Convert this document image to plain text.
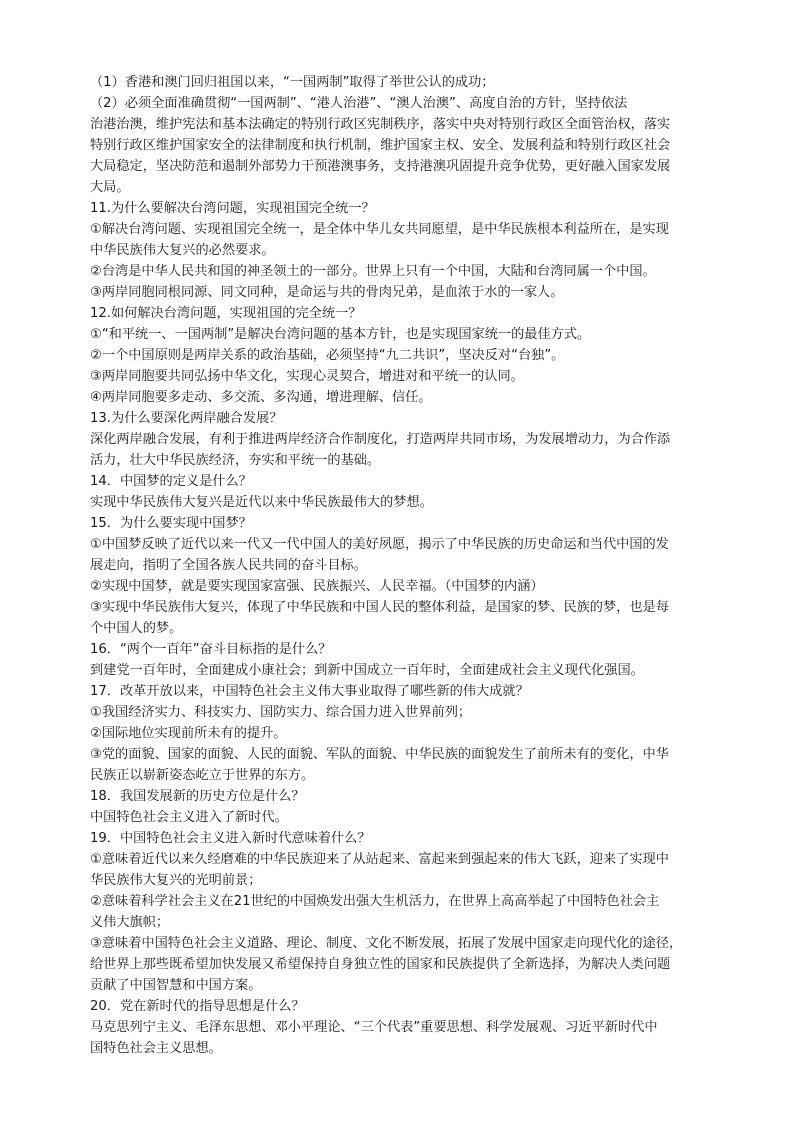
（1）香港和澳门回归祖国以来，“一国两制”取得了举世公认的成功；

（2）必须全面准确贯彻“一国两制”、“港人治港”、“澳人治澳”、高度自治的方针，坚持依法

治港治澳，维护宪法和基本法确定的特别行政区宪制秩序，落实中央对特别行政区全面管治权，落实

特别行政区维护国家安全的法律制度和执行机制，维护国家主权、安全、发展利益和特别行政区社会

大局稳定，坚决防范和遏制外部势力干预港澳事务，支持港澳巩固提升竞争优势，更好融入国家发展

大局。

11.为什么要解决台湾问题，实现祖国完全统一？

①解决台湾问题、实现祖国完全统一，是全体中华儿女共同愿望，是中华民族根本利益所在，是实现

中华民族伟大复兴的必然要求。

②台湾是中华人民共和国的神圣领土的一部分。世界上只有一个中国，大陆和台湾同属一个中国。

③两岸同胞同根同源、同文同种，是命运与共的骨肉兄弟，是血浓于水的一家人。

12.如何解决台湾问题，实现祖国的完全统一？

①“和平统一、一国两制”是解决台湾问题的基本方针，也是实现国家统一的最佳方式。

②一个中国原则是两岸关系的政治基础，必须坚持“九二共识”，坚决反对“台独”。

③两岸同胞要共同弘扬中华文化，实现心灵契合，增进对和平统一的认同。

④两岸同胞要多走动、多交流、多沟通，增进理解、信任。

13.为什么要深化两岸融合发展？

深化两岸融合发展，有利于推进两岸经济合作制度化，打造两岸共同市场，为发展增动力，为合作添

活力，壮大中华民族经济，夯实和平统一的基础。

14．中国梦的定义是什么？

实现中华民族伟大复兴是近代以来中华民族最伟大的梦想。

15．为什么要实现中国梦？

①中国梦反映了近代以来一代又一代中国人的美好夙愿，揭示了中华民族的历史命运和当代中国的发

展走向，指明了全国各族人民共同的奋斗目标。

②实现中国梦，就是要实现国家富强、民族振兴、人民幸福。（中国梦的内涵）

③实现中华民族伟大复兴，体现了中华民族和中国人民的整体利益，是国家的梦、民族的梦，也是每

个中国人的梦。

16．“两个一百年”奋斗目标指的是什么？

到建党一百年时，全面建成小康社会；到新中国成立一百年时，全面建成社会主义现代化强国。

17．改革开放以来，中国特色社会主义伟大事业取得了哪些新的伟大成就？

①我国经济实力、科技实力、国防实力、综合国力进入世界前列；

②国际地位实现前所未有的提升。

③党的面貌、国家的面貌、人民的面貌、军队的面貌、中华民族的面貌发生了前所未有的变化，中华

民族正以崭新姿态屹立于世界的东方。

18．我国发展新的历史方位是什么？

中国特色社会主义进入了新时代。

19．中国特色社会主义进入新时代意味着什么？

①意味着近代以来久经磨难的中华民族迎来了从站起来、富起来到强起来的伟大飞跃，迎来了实现中

华民族伟大复兴的光明前景；

②意味着科学社会主义在21世纪的中国焕发出强大生机活力，在世界上高高举起了中国特色社会主

义伟大旗帜；

③意味着中国特色社会主义道路、理论、制度、文化不断发展，拓展了发展中国家走向现代化的途径，

给世界上那些既希望加快发展又希望保持自身独立性的国家和民族提供了全新选择，为解决人类问题

贡献了中国智慧和中国方案。

20．党在新时代的指导思想是什么？

马克思列宁主义、毛泽东思想、邓小平理论、“三个代表”重要思想、科学发展观、习近平新时代中

国特色社会主义思想。
